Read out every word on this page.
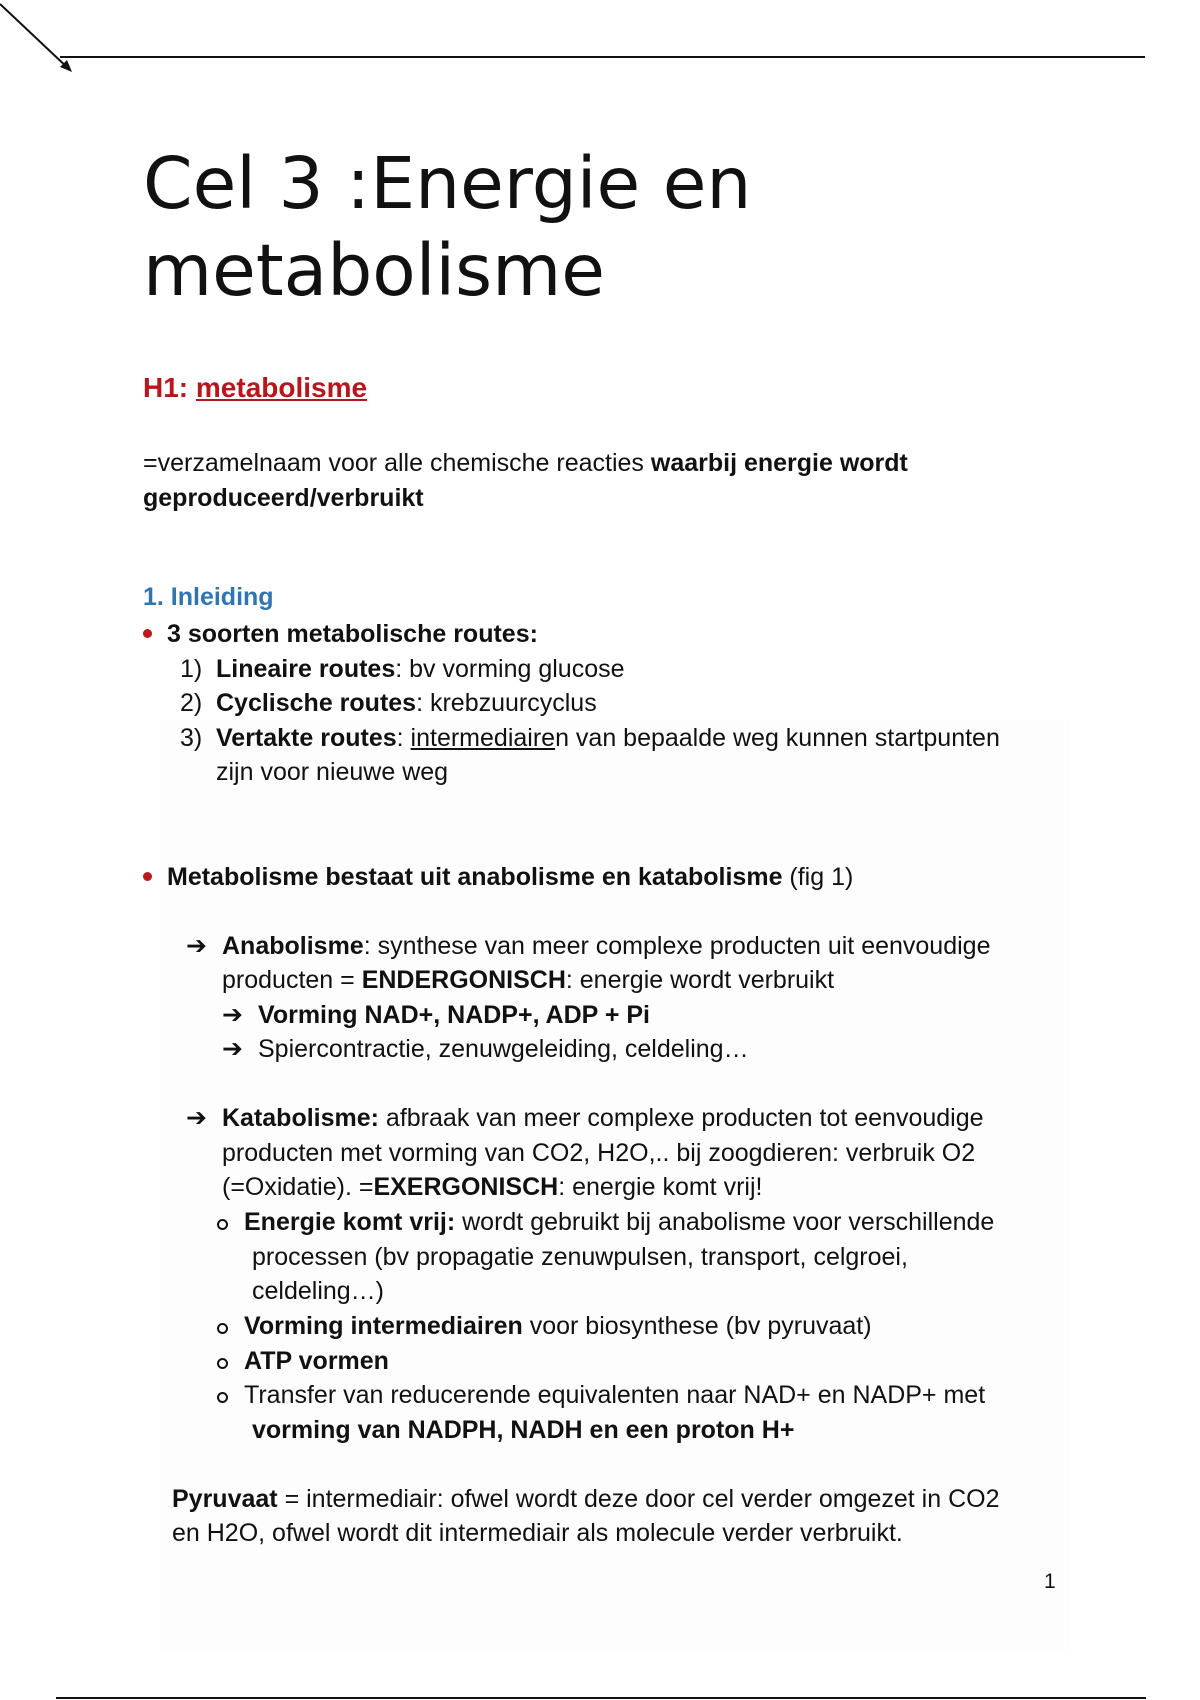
Cel 3 :Energie en metabolisme
H1: metabolisme

=verzamelnaam voor alle chemische reacties waarbij energie wordt geproduceerd/verbruikt

1. Inleiding
3 soorten metabolische routes:
1) Lineaire routes: bv vorming glucose
2) Cyclische routes: krebzuurcyclus
3) Vertakte routes: intermediairen van bepaalde weg kunnen startpunten
zijn voor nieuwe weg
Metabolisme bestaat uit anabolisme en katabolisme (fig 1)
➔ Anabolisme: synthese van meer complexe producten uit eenvoudige
producten = ENDERGONISCH: energie wordt verbruikt
➔ Vorming NAD+, NADP+, ADP + Pi
➔ Spiercontractie, zenuwgeleiding, celdeling…
➔ Katabolisme: afbraak van meer complexe producten tot eenvoudige
producten met vorming van CO2, H2O,.. bij zoogdieren: verbruik O2
(=Oxidatie). =EXERGONISCH: energie komt vrij!
Energie komt vrij: wordt gebruikt bij anabolisme voor verschillende
processen (bv propagatie zenuwpulsen, transport, celgroei,
celdeling…)
Vorming intermediairen voor biosynthese (bv pyruvaat)
ATP vormen
Transfer van reducerende equivalenten naar NAD+ en NADP+ met
vorming van NADPH, NADH en een proton H+
Pyruvaat = intermediair: ofwel wordt deze door cel verder omgezet in CO2
en H2O, ofwel wordt dit intermediair als molecule verder verbruikt.
1
